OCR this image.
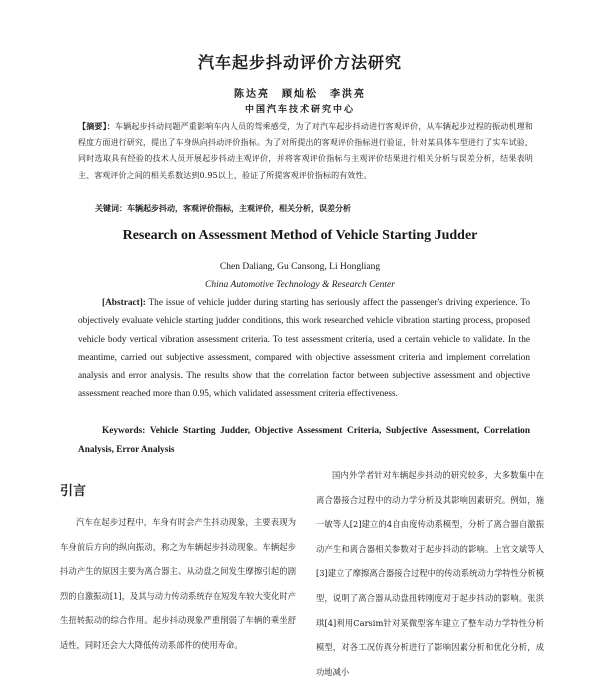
汽车起步抖动评价方法研究
陈达亮　顾灿松　李洪亮
中国汽车技术研究中心
【摘要】：车辆起步抖动问题严重影响车内人员的驾乘感受，为了对汽车起步抖动进行客观评价，从车辆起步过程的振动机理和程度方面进行研究，提出了车身纵向抖动评价指标。为了对所提出的客观评价指标进行验证，针对某具体车型进行了实车试验，同时选取具有经验的技术人员开展起步抖动主观评价，并将客观评价指标与主观评价结果进行相关分析与误差分析，结果表明主、客观评价之间的相关系数达到0.95以上，验证了所提客观评价指标的有效性。
关键词：车辆起步抖动，客观评价指标，主观评价，相关分析，误差分析
Research on Assessment Method of Vehicle Starting Judder
Chen Daliang, Gu Cansong, Li Hongliang
China Automotive Technology & Research Center
[Abstract]: The issue of vehicle judder during starting has seriously affect the passenger's driving experience. To objectively evaluate vehicle starting judder conditions, this work researched vehicle vibration starting process, proposed vehicle body vertical vibration assessment criteria. To test assessment criteria, used a certain vehicle to validate. In the meantime, carried out subjective assessment, compared with objective assessment criteria and implement correlation analysis and error analysis. The results show that the correlation factor between subjective assessment and objective assessment reached more than 0.95, which validated assessment criteria effectiveness.
Keywords: Vehicle Starting Judder, Objective Assessment Criteria, Subjective Assessment, Correlation Analysis, Error Analysis
引言
汽车在起步过程中，车身有时会产生抖动现象，主要表现为车身前后方向的纵向振动，称之为车辆起步抖动现象。车辆起步抖动产生的原因主要为离合器主、从动盘之间发生摩擦引起的剧烈的自激振动[1]，及其与动力传动系统存在短发车较大变化时产生扭转振动的综合作用。起步抖动现象严重削弱了车辆的乘坐舒适性，同时还会大大降低传动系部件的使用寿命。
国内外学者针对车辆起步抖动的研究较多，大多数集中在离合器接合过程中的动力学分析及其影响因素研究。例如，施一敏等人[2]建立的4自由度传动系模型，分析了离合器自激振动产生和离合器相关参数对于起步抖动的影响。上官文斌等人[3]建立了摩擦离合器接合过程中的传动系统动力学特性分析模型，说明了离合器从动盘扭转刚度对于起步抖动的影响。张洪琪[4]利用Carsim针对某微型客车建立了整车动力学特性分析模型，对各工况仿真分析进行了影响因素分析和优化分析，成功地减小
